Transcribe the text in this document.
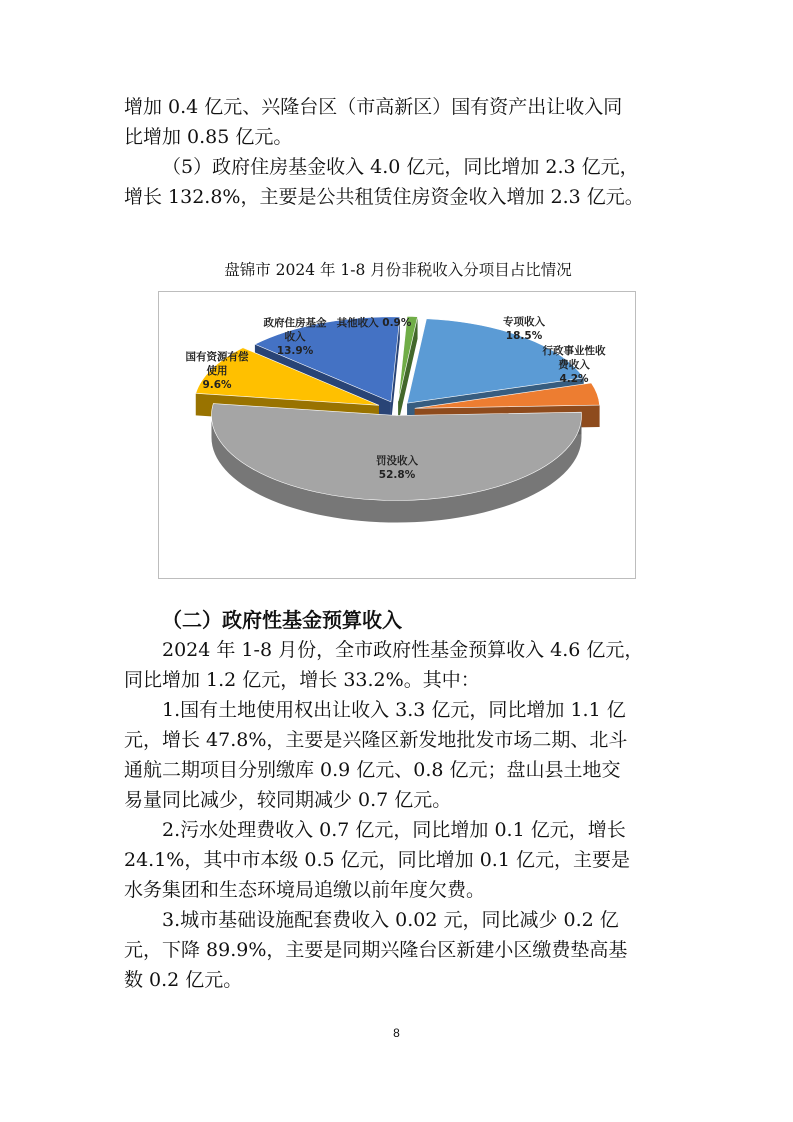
增加 0.4 亿元、兴隆台区（市高新区）国有资产出让收入同
比增加 0.85 亿元。
（5）政府住房基金收入 4.0 亿元，同比增加 2.3 亿元，
增长 132.8%，主要是公共租赁住房资金收入增加 2.3 亿元。
盘锦市 2024 年 1-8 月份非税收入分项目占比情况
专项收入
18.5%
行政事业性收
费收入
4.2%
罚没收入
52.8%
国有资源有偿
使用
9.6%
政府住房基金
收入
13.9%
其他收入 0.9%
（二）政府性基金预算收入
2024 年 1-8 月份，全市政府性基金预算收入 4.6 亿元，
同比增加 1.2 亿元，增长 33.2%。其中：
1.国有土地使用权出让收入 3.3 亿元，同比增加 1.1 亿
元，增长 47.8%，主要是兴隆区新发地批发市场二期、北斗
通航二期项目分别缴库 0.9 亿元、0.8 亿元；盘山县土地交
易量同比减少，较同期减少 0.7 亿元。
2.污水处理费收入 0.7 亿元，同比增加 0.1 亿元，增长
24.1%，其中市本级 0.5 亿元，同比增加 0.1 亿元，主要是
水务集团和生态环境局追缴以前年度欠费。
3.城市基础设施配套费收入 0.02 元，同比减少 0.2 亿
元，下降 89.9%，主要是同期兴隆台区新建小区缴费垫高基
数 0.2 亿元。
8
